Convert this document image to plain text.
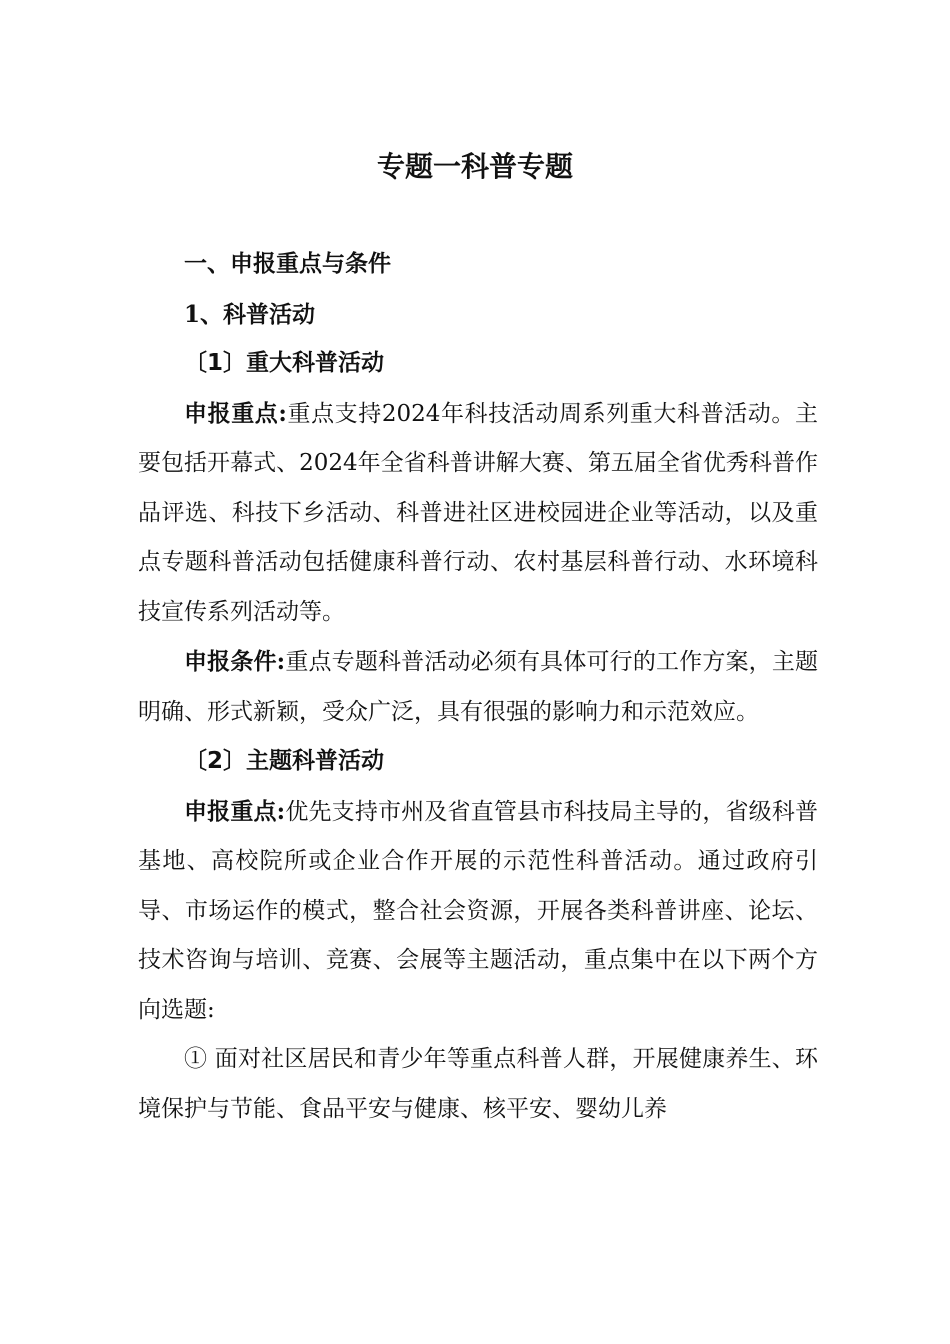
专题一科普专题

一、申报重点与条件

1、科普活动

〔1〕重大科普活动

申报重点:重点支持2024年科技活动周系列重大科普活动。主要包括开幕式、2024年全省科普讲解大赛、第五届全省优秀科普作品评选、科技下乡活动、科普进社区进校园进企业等活动，以及重点专题科普活动包括健康科普行动、农村基层科普行动、水环境科技宣传系列活动等。

申报条件:重点专题科普活动必须有具体可行的工作方案，主题明确、形式新颖，受众广泛，具有很强的影响力和示范效应。

〔2〕主题科普活动

申报重点:优先支持市州及省直管县市科技局主导的，省级科普基地、高校院所或企业合作开展的示范性科普活动。通过政府引导、市场运作的模式，整合社会资源，开展各类科普讲座、论坛、技术咨询与培训、竞赛、会展等主题活动，重点集中在以下两个方向选题:

① 面对社区居民和青少年等重点科普人群，开展健康养生、环境保护与节能、食品平安与健康、核平安、婴幼儿养
